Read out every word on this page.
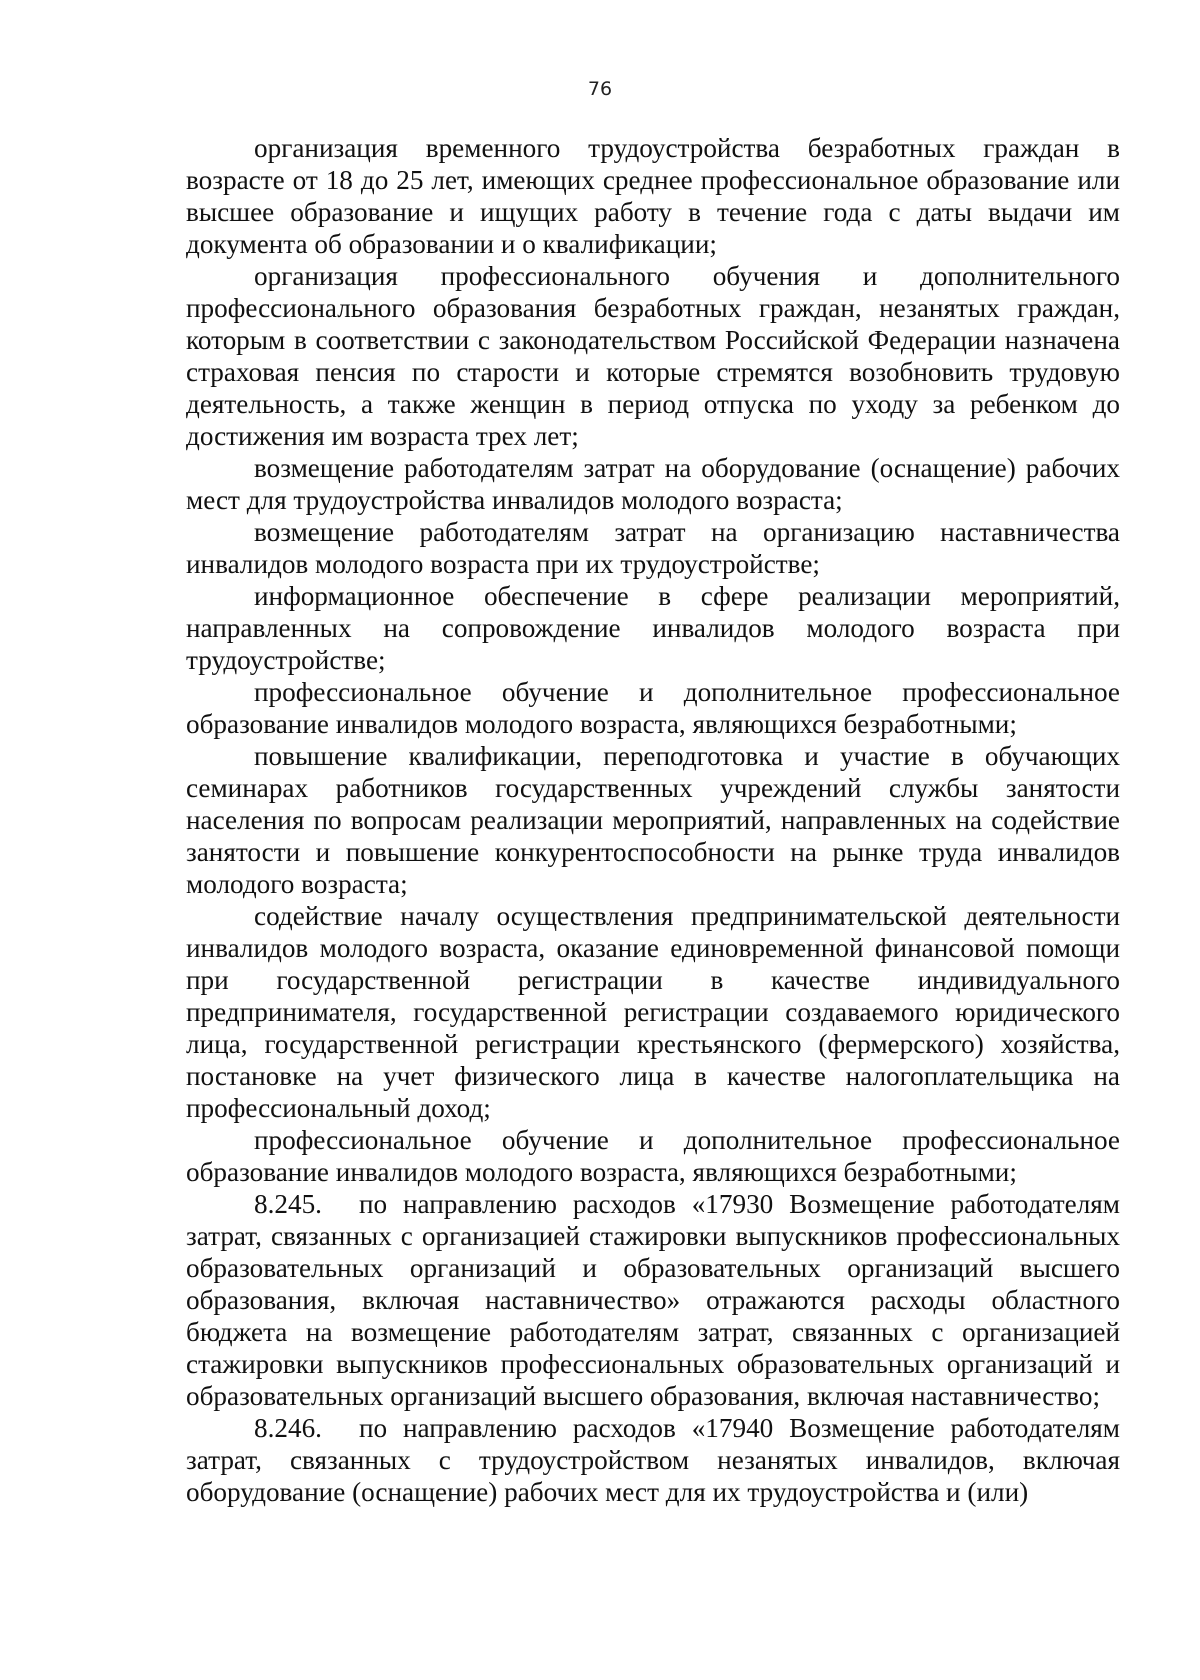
76

организация временного трудоустройства безработных граждан в возрасте от 18 до 25 лет, имеющих среднее профессиональное образование или высшее образование и ищущих работу в течение года с даты выдачи им документа об образовании и о квалификации;

организация профессионального обучения и дополнительного профессионального образования безработных граждан, незанятых граждан, которым в соответствии с законодательством Российской Федерации назначена страховая пенсия по старости и которые стремятся возобновить трудовую деятельность, а также женщин в период отпуска по уходу за ребенком до достижения им возраста трех лет;

возмещение работодателям затрат на оборудование (оснащение) рабочих мест для трудоустройства инвалидов молодого возраста;

возмещение работодателям затрат на организацию наставничества инвалидов молодого возраста при их трудоустройстве;

информационное обеспечение в сфере реализации мероприятий, направленных на сопровождение инвалидов молодого возраста при трудоустройстве;

профессиональное обучение и дополнительное профессиональное образование инвалидов молодого возраста, являющихся безработными;

повышение квалификации, переподготовка и участие в обучающих семинарах работников государственных учреждений службы занятости населения по вопросам реализации мероприятий, направленных на содействие занятости и повышение конкурентоспособности на рынке труда инвалидов молодого возраста;

содействие началу осуществления предпринимательской деятельности инвалидов молодого возраста, оказание единовременной финансовой помощи при государственной регистрации в качестве индивидуального предпринимателя, государственной регистрации создаваемого юридического лица, государственной регистрации крестьянского (фермерского) хозяйства, постановке на учет физического лица в качестве налогоплательщика на профессиональный доход;

профессиональное обучение и дополнительное профессиональное образование инвалидов молодого возраста, являющихся безработными;

8.245. по направлению расходов «17930 Возмещение работодателям затрат, связанных с организацией стажировки выпускников профессиональных образовательных организаций и образовательных организаций высшего образования, включая наставничество» отражаются расходы областного бюджета на возмещение работодателям затрат, связанных с организацией стажировки выпускников профессиональных образовательных организаций и образовательных организаций высшего образования, включая наставничество;

8.246. по направлению расходов «17940 Возмещение работодателям затрат, связанных с трудоустройством незанятых инвалидов, включая оборудование (оснащение) рабочих мест для их трудоустройства и (или)
